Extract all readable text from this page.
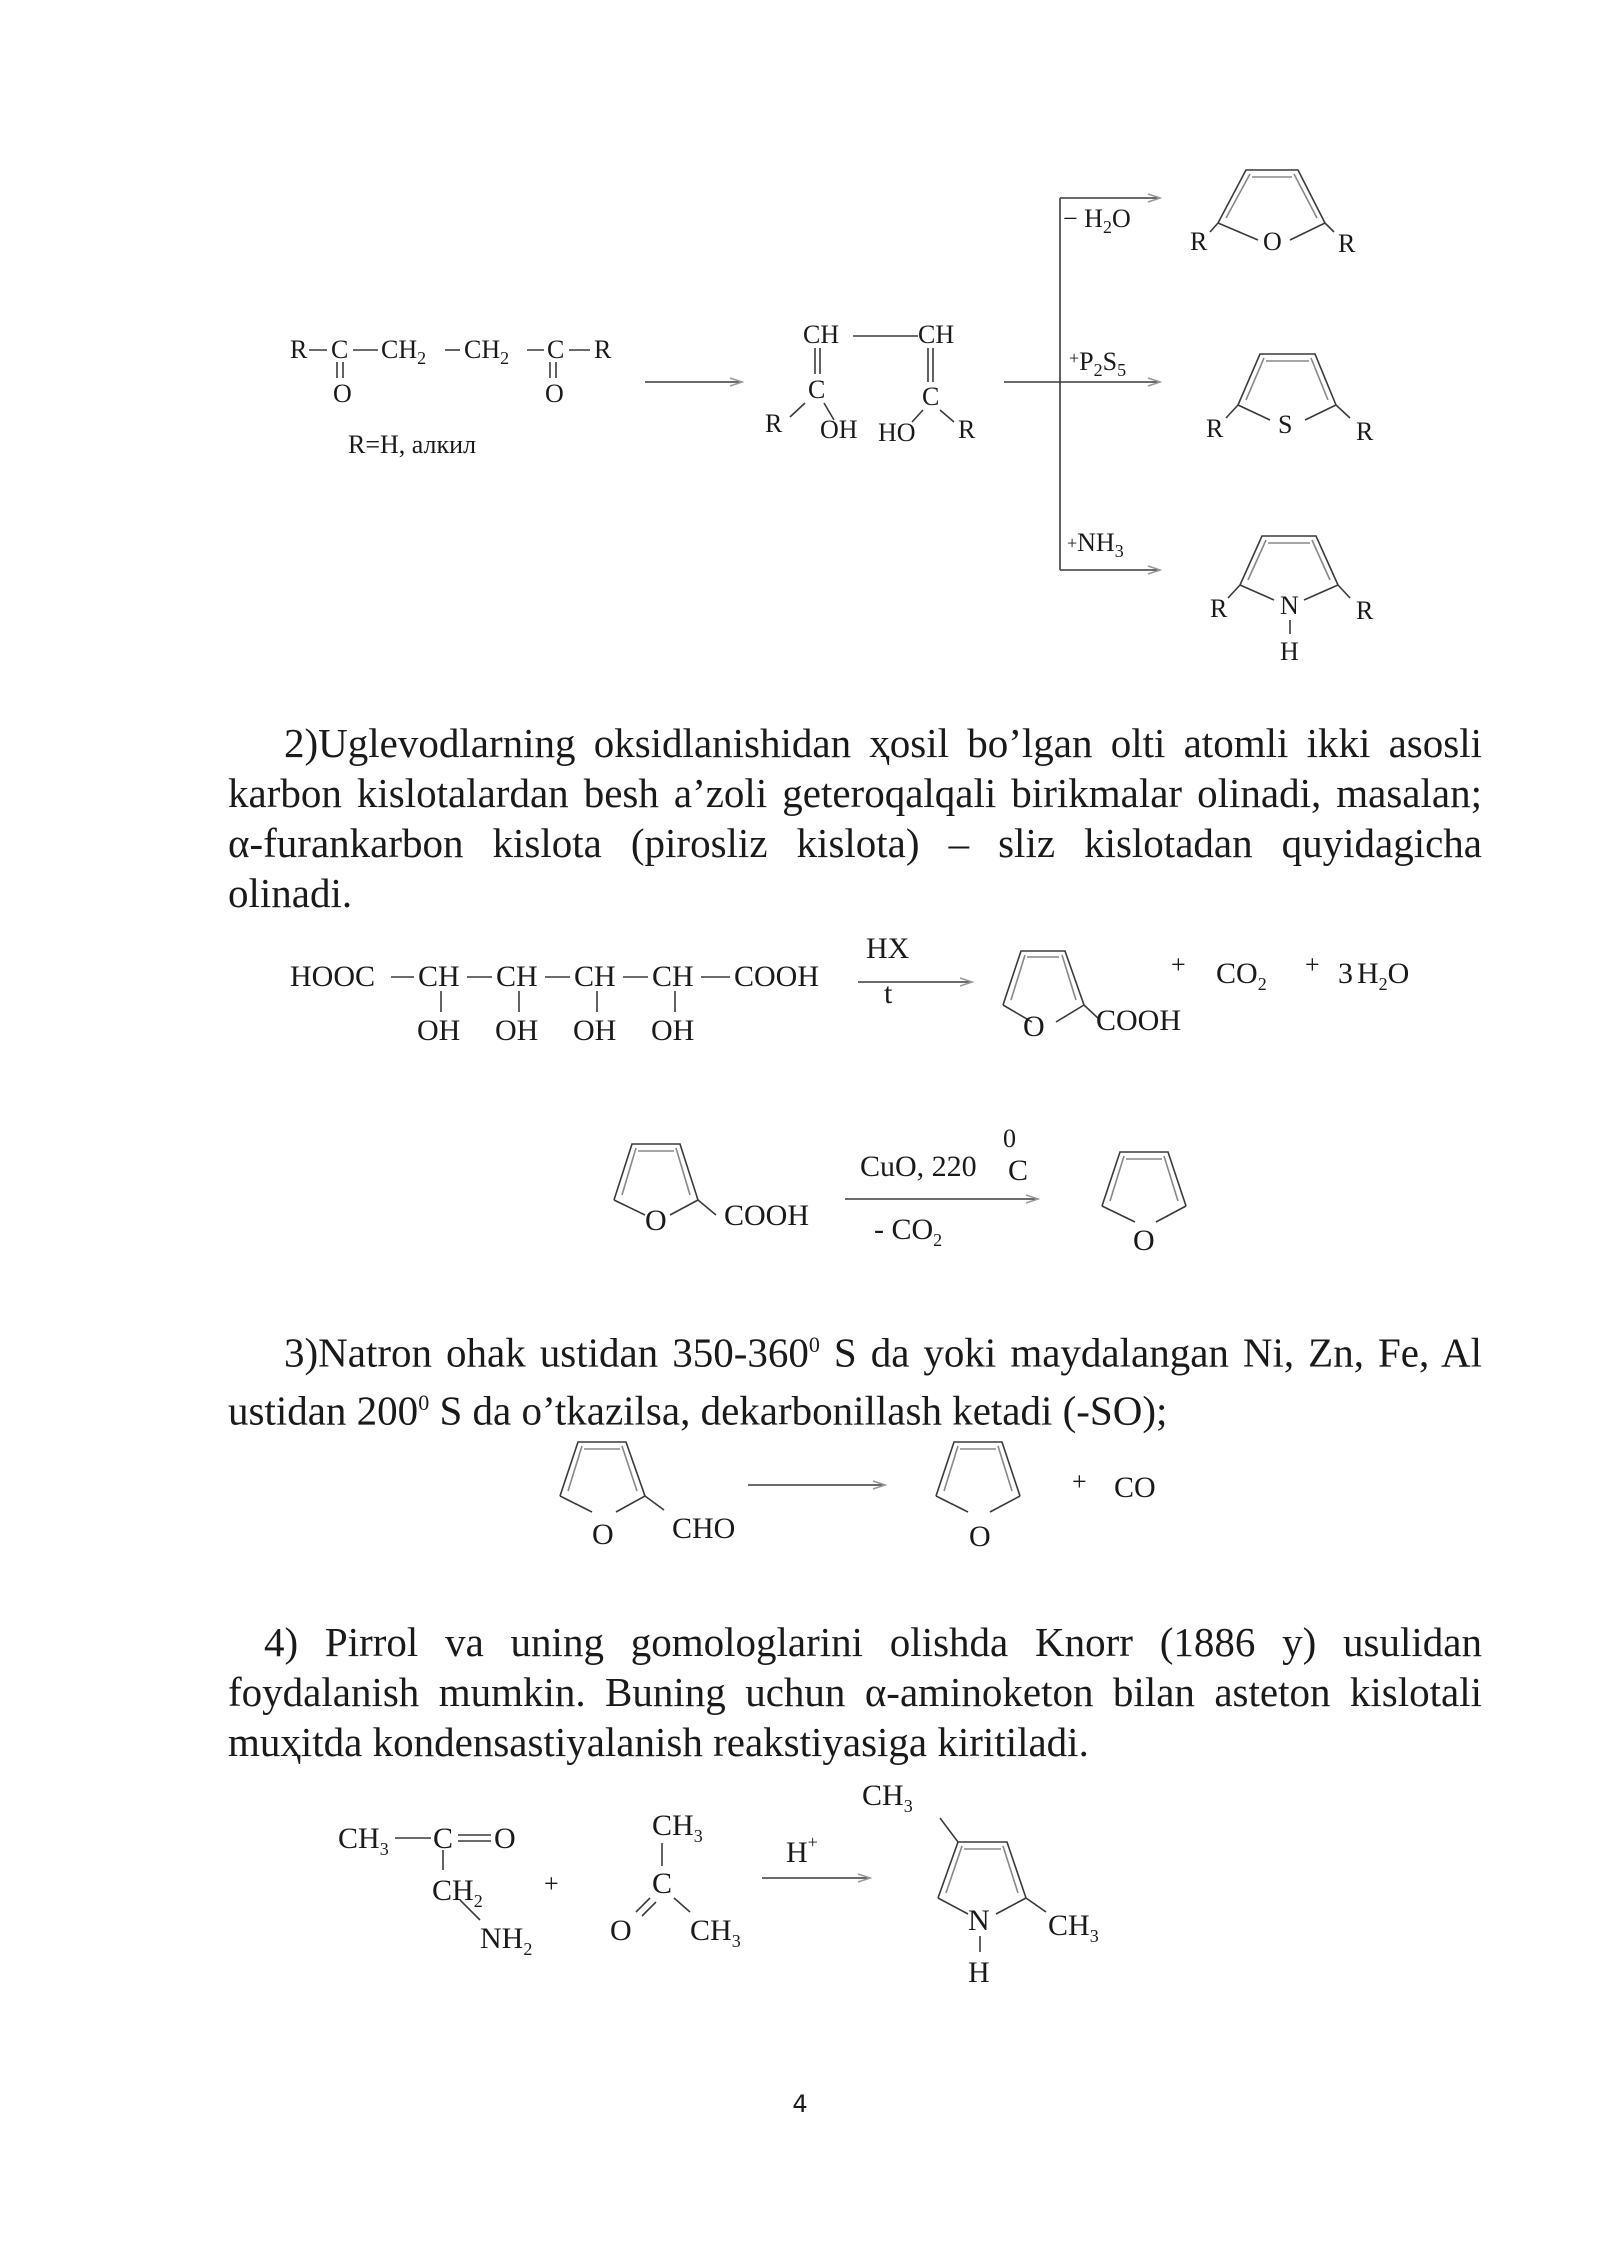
R C $CH_2$ $CH_2$ C R
O	O
R=H, алкил
CH	CH
C	C
R OH HO R
− $H_2O$
$^+P_2S_5$
$+NH_3$
R O R
R S R
R N R
H

2)Uglevodlarning oksidlanishidan ҳosil bo’lgan olti atomli ikki asosli karbon kislotalardan besh a’zoli geteroqalqali birikmalar olinadi, masalan; α-furankarbon kislota (pirosliz kislota) – sliz kislotadan quyidagicha olinadi.

HOOC CH CH CH CH COOH
OH OH OH OH
HX
t
O COOH
+ $CO_2$
+ 3 $H_2O$
O COOH
CuO, 220
0
C
- $CO_2$	O

3)Natron ohak ustidan $350-360^0$ S da yoki maydalangan Ni, Zn, Fe, Al ustidan $200^0$ S da o’tkazilsa, dekarbonillash ketadi (-SO);

O CHO	O
+ CO

4) Pirrol va uning gomologlarini olishda Knorr (1886 y) usulidan foydalanish mumkin. Buning uchun α-aminoketon bilan asteton kislotali muҳitda kondensastiyalanish reakstiyasiga kiritiladi.

$CH_3$ C O
$CH_2$
$NH_2$
+
$CH_3$
C
O $CH_3$
H+
$CH_3$
N
H
$CH_3$
4
